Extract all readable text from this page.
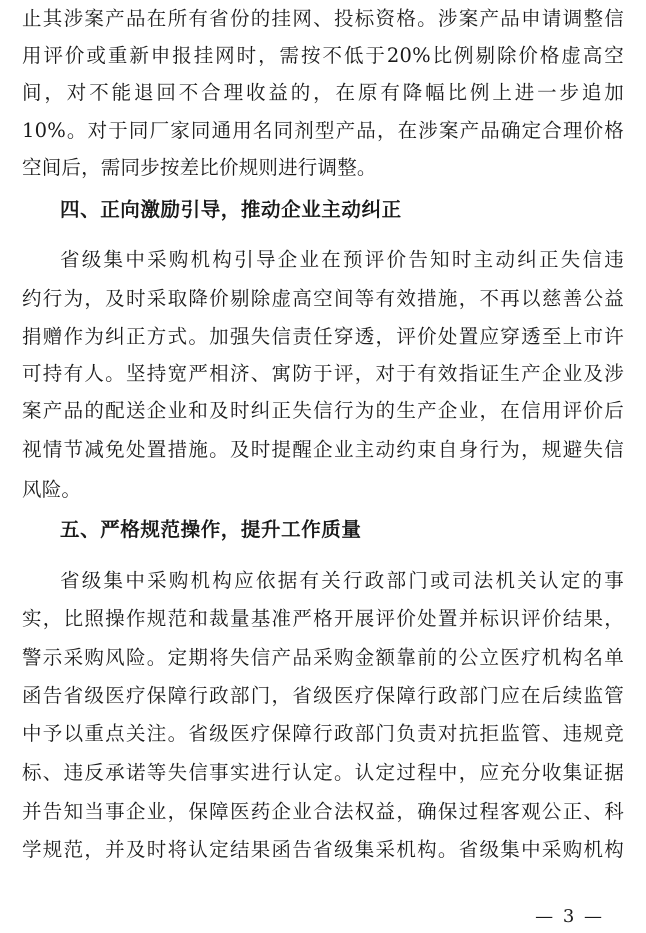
止其涉案产品在所有省份的挂网、投标资格。涉案产品申请调整信
用评价或重新申报挂网时，需按不低于20%比例剔除价格虚高空
间，对不能退回不合理收益的，在原有降幅比例上进一步追加
10%。对于同厂家同通用名同剂型产品，在涉案产品确定合理价格
空间后，需同步按差比价规则进行调整。
四、正向激励引导，推动企业主动纠正
省级集中采购机构引导企业在预评价告知时主动纠正失信违
约行为，及时采取降价剔除虚高空间等有效措施，不再以慈善公益
捐赠作为纠正方式。加强失信责任穿透，评价处置应穿透至上市许
可持有人。坚持宽严相济、寓防于评，对于有效指证生产企业及涉
案产品的配送企业和及时纠正失信行为的生产企业，在信用评价后
视情节减免处置措施。及时提醒企业主动约束自身行为，规避失信
风险。
五、严格规范操作，提升工作质量
省级集中采购机构应依据有关行政部门或司法机关认定的事
实，比照操作规范和裁量基准严格开展评价处置并标识评价结果，
警示采购风险。定期将失信产品采购金额靠前的公立医疗机构名单
函告省级医疗保障行政部门，省级医疗保障行政部门应在后续监管
中予以重点关注。省级医疗保障行政部门负责对抗拒监管、违规竞
标、违反承诺等失信事实进行认定。认定过程中，应充分收集证据
并告知当事企业，保障医药企业合法权益，确保过程客观公正、科
学规范，并及时将认定结果函告省级集采机构。省级集中采购机构
— 3 —
